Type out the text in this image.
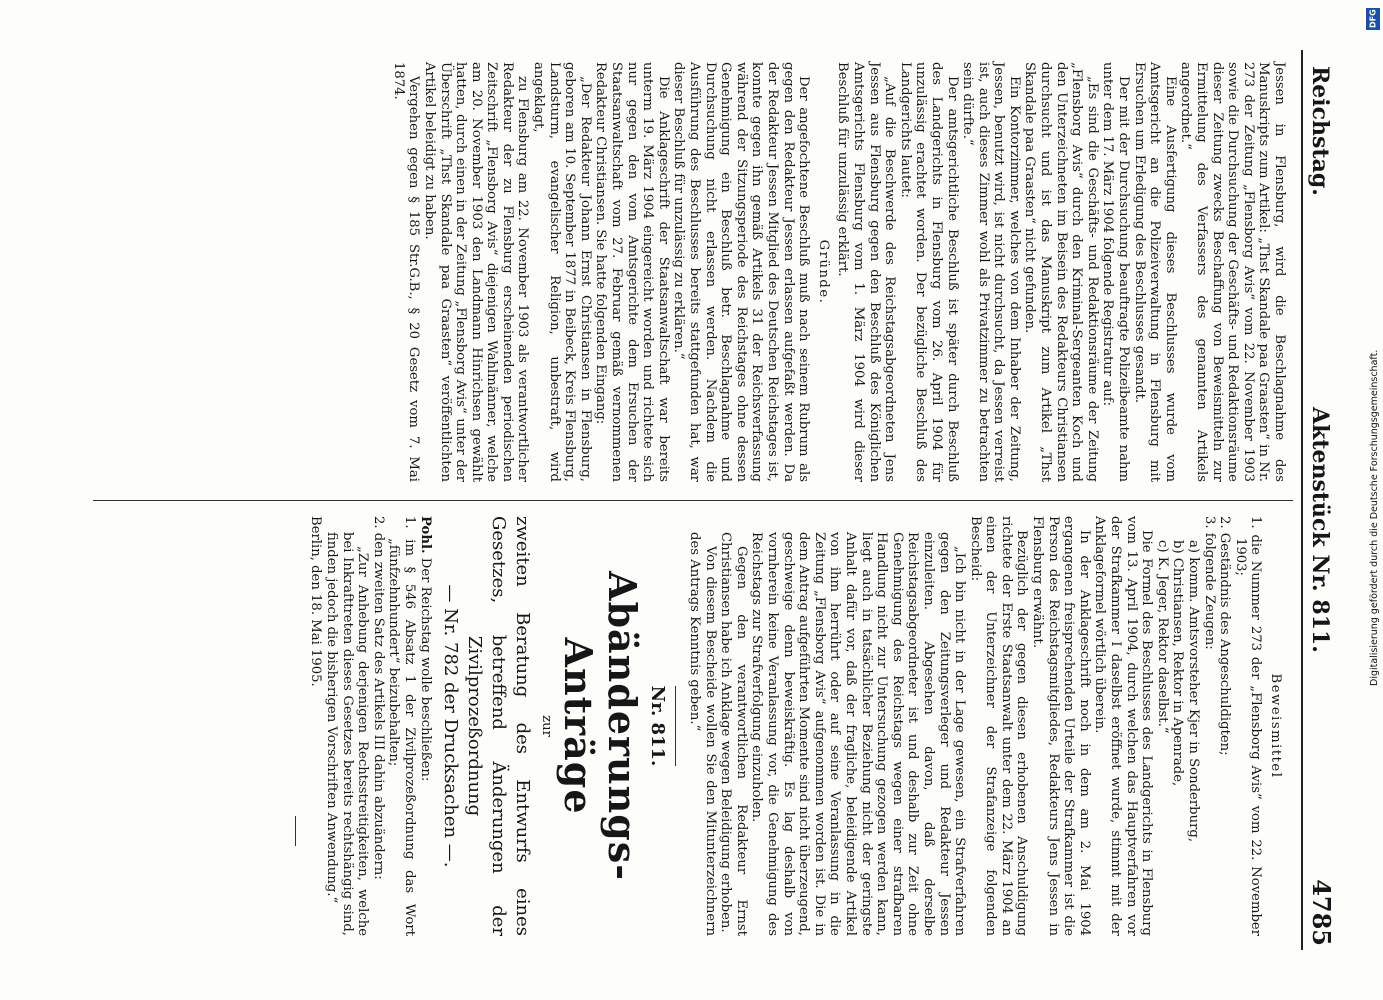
Reichstag.
Aktenstück Nr. 811.
4785

Jessen in Flensburg, wird die Beschlagnahme des Manuskripts zum Artikel: „Thst Skandale paa Graasten“ in Nr. 273 der Zeitung „Flensborg Avis“ vom 22. November 1903 sowie die Durchsuchung der Geschäfts- und Redaktionsräume dieser Zeitung zwecks Beschaffung von Beweismitteln zur Ermittelung des Verfassers des genannten Artikels angeordnet.“

Eine Ausfertigung dieses Beschlusses wurde vom Amtsgericht an die Polizeiverwaltung in Flensburg mit Ersuchen um Erledigung des Beschlusses gesandt.

Der mit der Durchsuchung beauftragte Polizeibeamte nahm unter dem 17. März 1904 folgende Registratur auf:

„Es sind die Geschäfts- und Redaktionsräume der Zeitung „Flensborg Avis“ durch den Kriminal-Sergeanten Koch und den Unterzeichneten im Beisein des Redakteurs Christiansen durchsucht und ist das Manuskript zum Artikel „Thst Skandale paa Graasten“ nicht gefunden.

Ein Kontorzimmer, welches von dem Inhaber der Zeitung, Jessen, benutzt wird, ist nicht durchsucht, da Jessen verreist ist, auch dieses Zimmer wohl als Privatzimmer zu betrachten sein dürfte.“

Der amtsgerichtliche Beschluß ist später durch Beschluß des Landgerichts in Flensburg vom 26. April 1904 für unzulässig erachtet worden. Der bezügliche Beschluß des Landgerichts lautet:

„Auf die Beschwerde des Reichstagsabgeordneten Jens Jessen aus Flensburg gegen den Beschluß des Königlichen Amtsgerichts Flensburg vom 1. März 1904 wird dieser Beschluß für unzulässig erklärt.

Gründe.

Der angefochtene Beschluß muß nach seinem Rubrum als gegen den Redakteur Jessen erlassen aufgefaßt werden. Da der Redakteur Jessen Mitglied des Deutschen Reichstages ist, konnte gegen ihn gemäß Artikels 31 der Reichsverfassung während der Sitzungsperiode des Reichstages ohne dessen Genehmigung ein Beschluß betr. Beschlagnahme und Durchsuchung nicht erlassen werden. Nachdem die Ausführung des Beschlusses bereits stattgefunden hat, war dieser Beschluß für unzulässig zu erklären.“

Die Anklageschrift der Staatsanwaltschaft war bereits unterm 19. März 1904 eingereicht worden und richtete sich nur gegen den vom Amtsgerichte dem Ersuchen der Staatsanwaltschaft vom 27. Februar gemäß vernommenen Redakteur Christiansen. Sie hatte folgenden Eingang:

„Der Redakteur Johann Ernst Christiansen in Flensburg, geboren am 10. September 1877 in Beibeck, Kreis Flensburg, Landsturm, evangelischer Religion, unbestraft, wird angeklagt,

zu Flensburg am 22. November 1903 als verantwortlicher Redakteur der zu Flensburg erscheinenden periodischen Zeitschrift „Flensborg Avis“ diejenigen Wahlmänner, welche am 20. November 1903 den Landmann Hinrichsen gewählt hatten, durch einen in der Zeitung „Flensborg Avis“ unter der Überschrift „Thst Skandale paa Graasten“ veröffentlichten Artikel beleidigt zu haben.

Vergehen gegen § 185 Str.G.B., § 20 Gesetz vom 7. Mai 1874.

Beweismittel

1. die Nummer 273 der „Flensborg Avis“ vom 22. November 1903;
2. Geständnis des Angeschuldigten;
3. folgende Zeugen:
a) komm. Amtsvorsteher Kjer in Sonderburg,
b) Christiansen, Rektor in Apenrade,
c) K. Jeger, Rektor daselbst.“

Die Formel des Beschlusses des Landgerichts in Flensburg vom 13. April 1904, durch welchen das Hauptverfahren vor der Strafkammer I daselbst eröffnet wurde, stimmt mit der Anklageformel wörtlich überein.

In der Anklageschrift noch in dem am 2. Mai 1904 ergangenen freisprechenden Urteile der Strafkammer ist die Person des Reichstagsmitgliedes, Redakteurs Jens Jessen in Flensburg erwähnt.

Bezüglich der gegen diesen erhobenen Anschuldigung richtete der Erste Staatsanwalt unter dem 22. März 1904 an einen der Unterzeichner der Strafanzeige folgenden Bescheid:

„Ich bin nicht in der Lage gewesen, ein Strafverfahren gegen den Zeitungsverleger und Redakteur Jessen einzuleiten. Abgesehen davon, daß derselbe Reichstagsabgeordneter ist und deshalb zur Zeit ohne Genehmigung des Reichstags wegen einer strafbaren Handlung nicht zur Untersuchung gezogen werden kann, liegt auch in tatsächlicher Beziehung nicht der geringste Anhalt dafür vor, daß der fragliche, beleidigende Artikel von ihm herrührt oder auf seine Veranlassung in die Zeitung „Flensborg Avis“ aufgenommen worden ist. Die in dem Antrag aufgeführten Momente sind nicht überzeugend, geschweige denn beweiskräftig. Es lag deshalb von vornherein keine Veranlassung vor, die Genehmigung des Reichstags zur Strafverfolgung einzuholen.

Gegen den verantwortlichen Redakteur Ernst Christiansen habe ich Anklage wegen Beleidigung erhoben.

Von diesem Bescheide wollen Sie den Mitunterzeichnern des Antrags Kenntnis geben.“

Nr. 811.
Abänderungs-Anträge
zur
zweiten Beratung des Entwurfs eines Gesetzes, betreffend Änderungen der Zivilprozeßordnung
— Nr. 782 der Drucksachen —.

Pohl. Der Reichstag wolle beschließen:

1. im § 546 Absatz 1 der Zivilprozeßordnung das Wort „fünfzehnhundert“ beizubehalten;
2. den zweiten Satz des Artikels III dahin abzuändern:

„Zur Anhebung derjenigen Rechtsstreitigkeiten, welche bei Inkrafttreten dieses Gesetzes bereits rechtshängig sind, finden jedoch die bisherigen Vorschriften Anwendung.“

Berlin, den 18. Mai 1905.

DFG
Digitalisierung gefördert durch die Deutsche Forschungsgemeinschaft.
